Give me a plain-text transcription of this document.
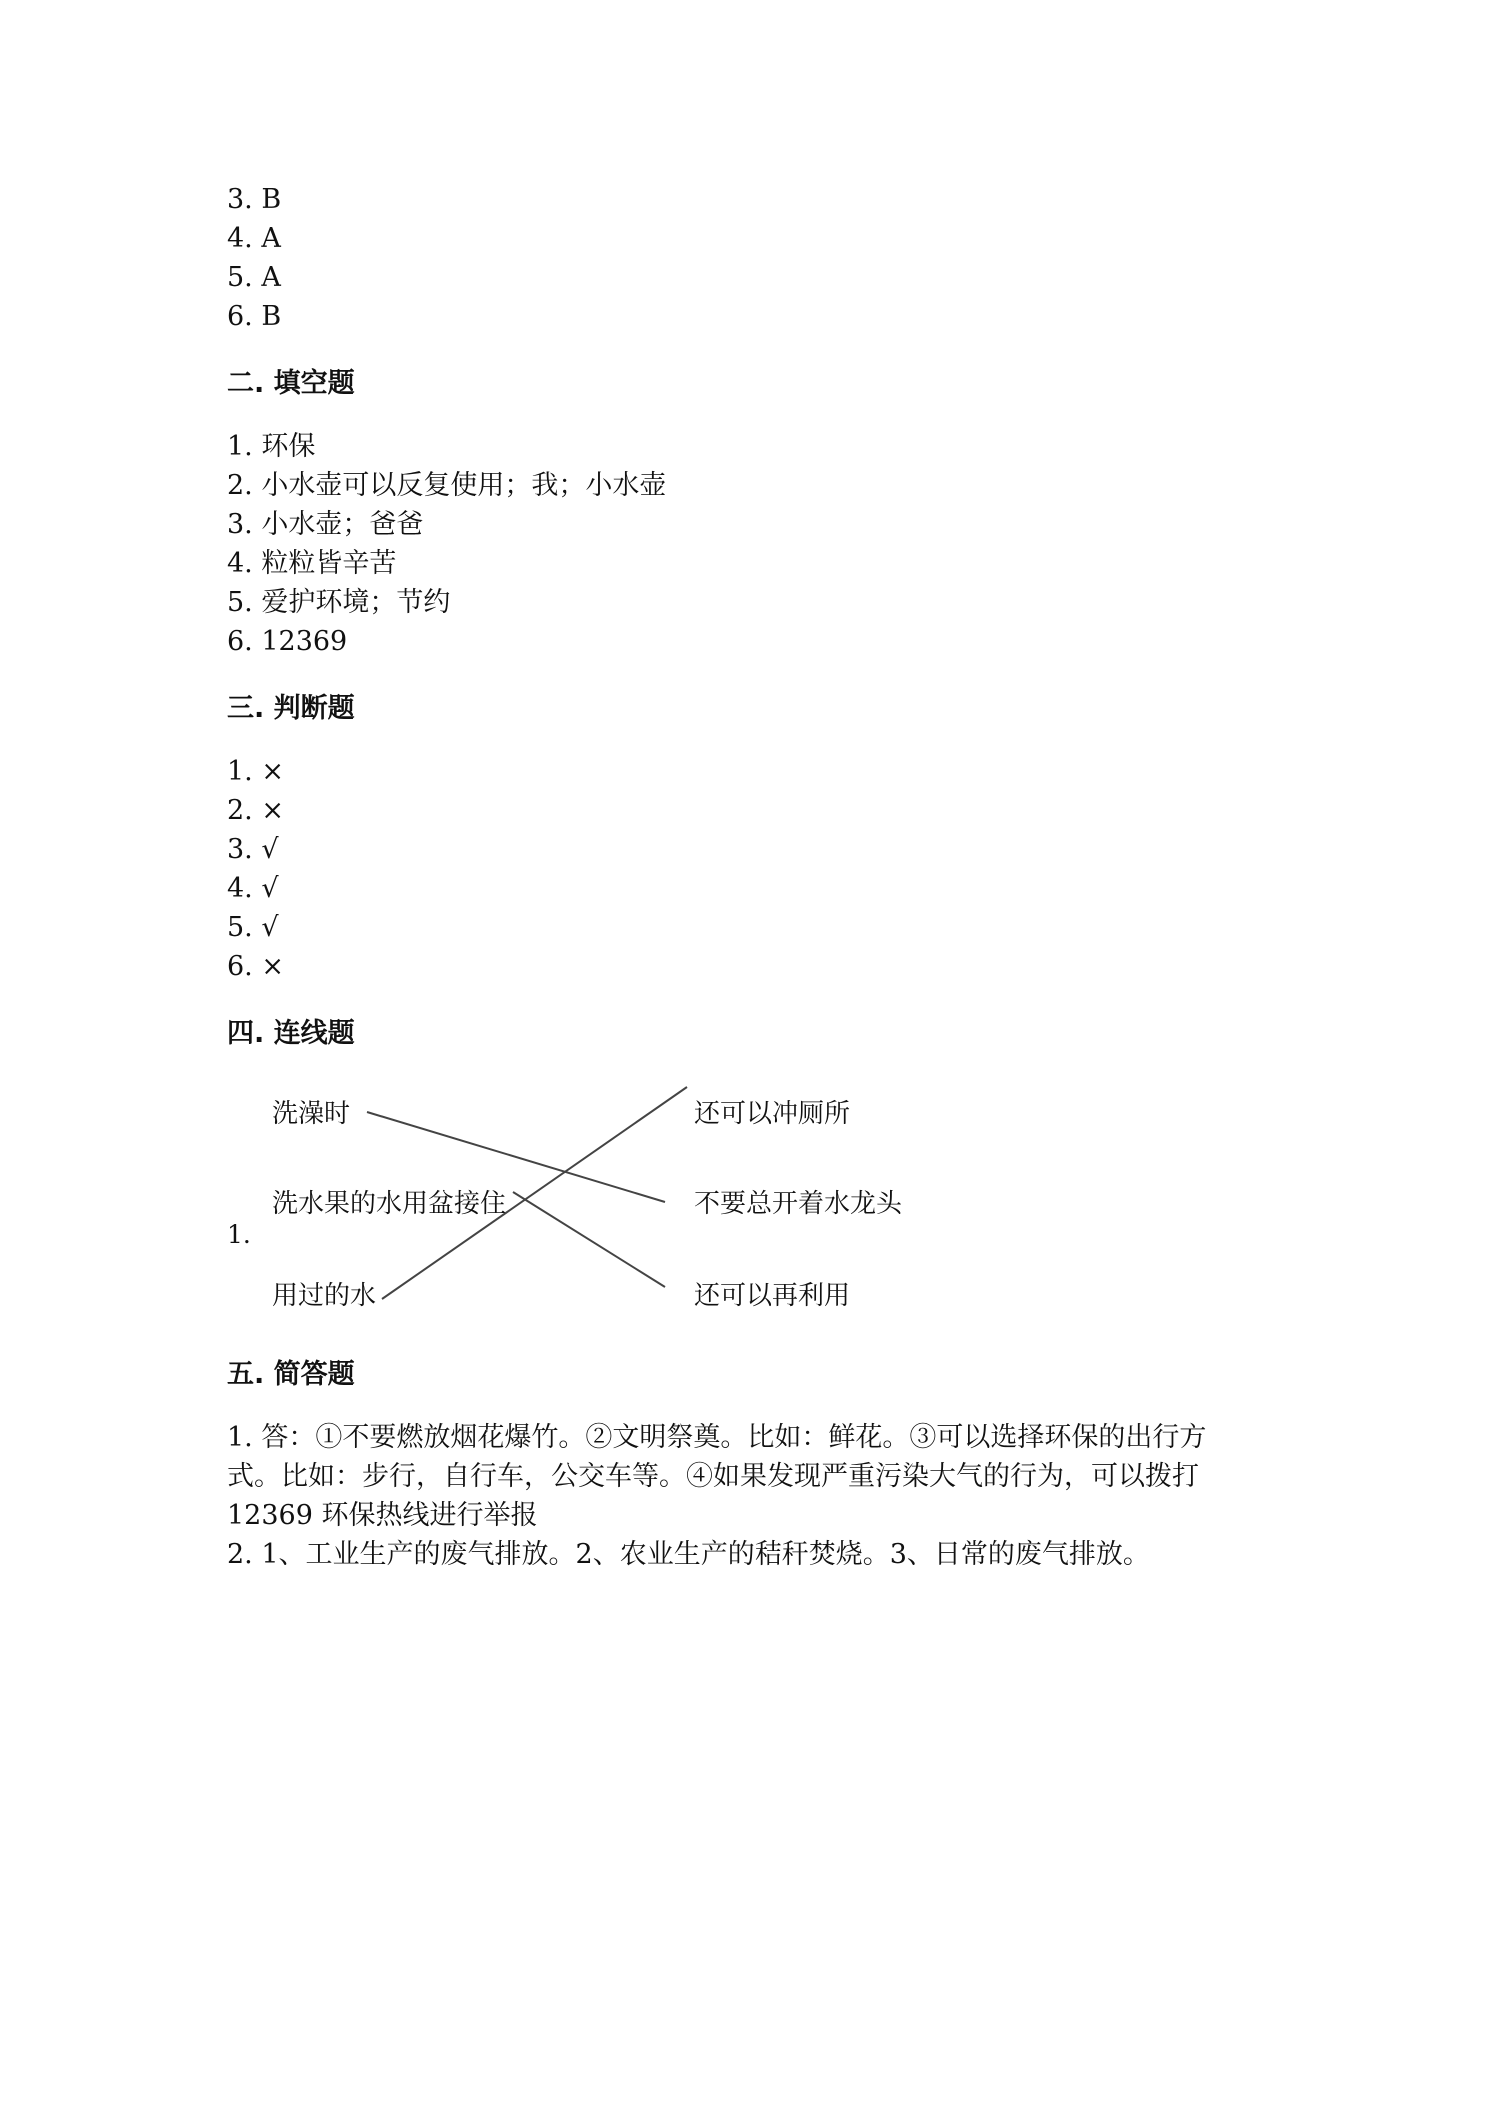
3. B
4. A
5. A
6. B
二. 填空题
1. 环保
2. 小水壶可以反复使用；我；小水壶
3. 小水壶；爸爸
4. 粒粒皆辛苦
5. 爱护环境；节约
6. 12369
三. 判断题
1. ×
2. ×
3. √
4. √
5. √
6. ×
四. 连线题
1.
洗澡时
洗水果的水用盆接住
用过的水
还可以冲厕所
不要总开着水龙头
还可以再利用
五. 简答题
1. 答：①不要燃放烟花爆竹。②文明祭奠。比如：鲜花。③可以选择环保的出行方式。比如：步行，自行车，公交车等。④如果发现严重污染大气的行为，可以拨打 12369 环保热线进行举报
2. 1、工业生产的废气排放。2、农业生产的秸秆焚烧。3、日常的废气排放。
